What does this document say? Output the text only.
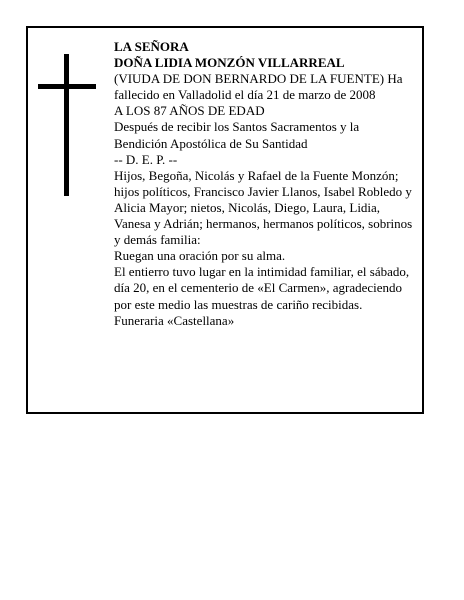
LA SEÑORA
DOÑA LIDIA MONZÓN VILLARREAL
(VIUDA DE DON BERNARDO DE LA FUENTE) Ha fallecido en Valladolid el día 21 de marzo de 2008
A LOS 87 AÑOS DE EDAD
Después de recibir los Santos Sacramentos y la Bendición Apostólica de Su Santidad
-- D. E. P. --
Hijos, Begoña, Nicolás y Rafael de la Fuente Monzón; hijos políticos, Francisco Javier Llanos, Isabel Robledo y Alicia Mayor; nietos, Nicolás, Diego, Laura, Lidia, Vanesa y Adrián; hermanos, hermanos políticos, sobrinos y demás familia:
Ruegan una oración por su alma.
El entierro tuvo lugar en la intimidad familiar, el sábado, día 20, en el cementerio de «El Carmen», agradeciendo por este medio las muestras de cariño recibidas.
Funeraria «Castellana»
